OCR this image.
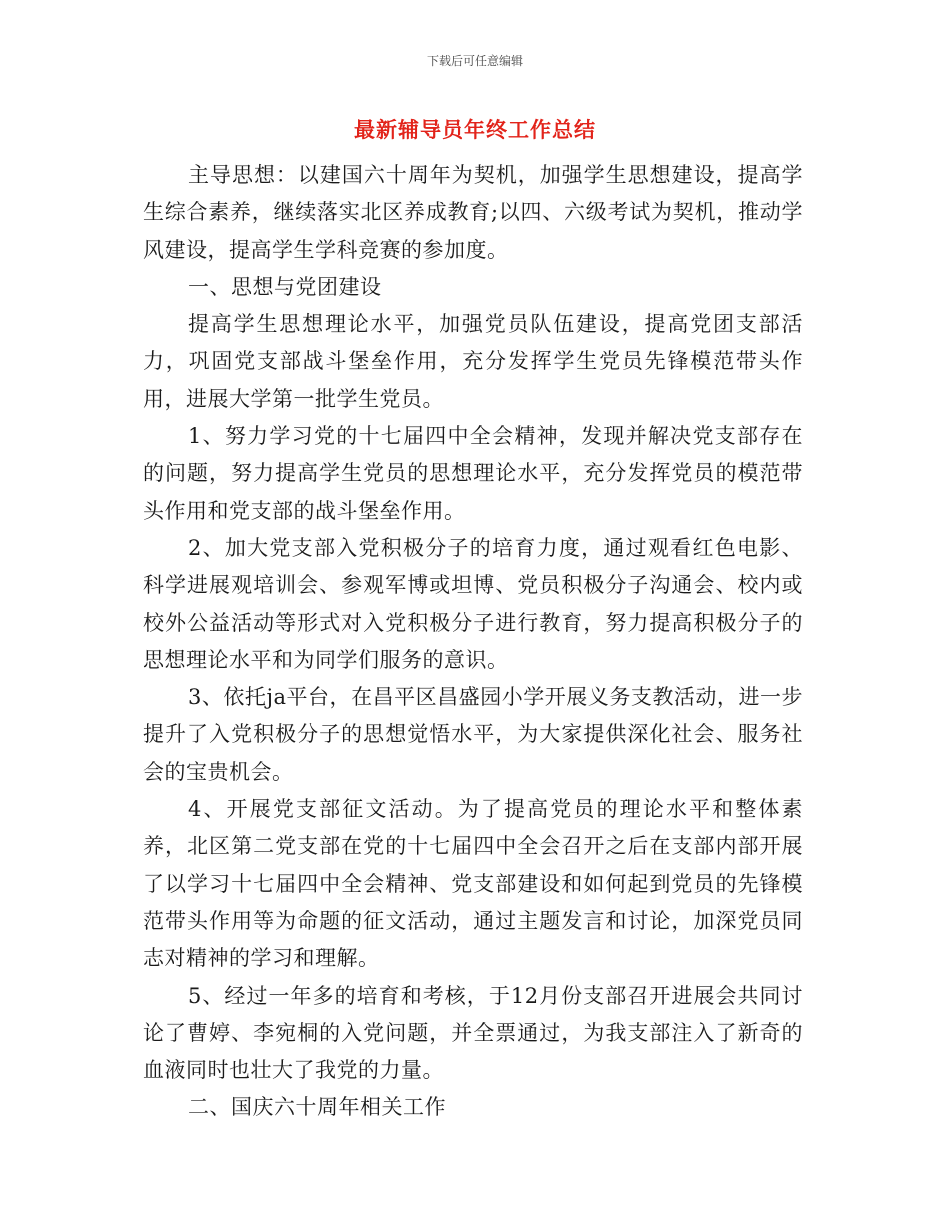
下载后可任意编辑
最新辅导员年终工作总结

主导思想：以建国六十周年为契机，加强学生思想建设，提高学生综合素养，继续落实北区养成教育;以四、六级考试为契机，推动学风建设，提高学生学科竞赛的参加度。

一、思想与党团建设

提高学生思想理论水平，加强党员队伍建设，提高党团支部活力，巩固党支部战斗堡垒作用，充分发挥学生党员先锋模范带头作用，进展大学第一批学生党员。

1、努力学习党的十七届四中全会精神，发现并解决党支部存在的问题，努力提高学生党员的思想理论水平，充分发挥党员的模范带头作用和党支部的战斗堡垒作用。

2、加大党支部入党积极分子的培育力度，通过观看红色电影、科学进展观培训会、参观军博或坦博、党员积极分子沟通会、校内或校外公益活动等形式对入党积极分子进行教育，努力提高积极分子的思想理论水平和为同学们服务的意识。

3、依托ja平台，在昌平区昌盛园小学开展义务支教活动，进一步提升了入党积极分子的思想觉悟水平，为大家提供深化社会、服务社会的宝贵机会。

4、开展党支部征文活动。为了提高党员的理论水平和整体素养，北区第二党支部在党的十七届四中全会召开之后在支部内部开展了以学习十七届四中全会精神、党支部建设和如何起到党员的先锋模范带头作用等为命题的征文活动，通过主题发言和讨论，加深党员同志对精神的学习和理解。

5、经过一年多的培育和考核，于12月份支部召开进展会共同讨论了曹婷、李宛桐的入党问题，并全票通过，为我支部注入了新奇的血液同时也壮大了我党的力量。

二、国庆六十周年相关工作
